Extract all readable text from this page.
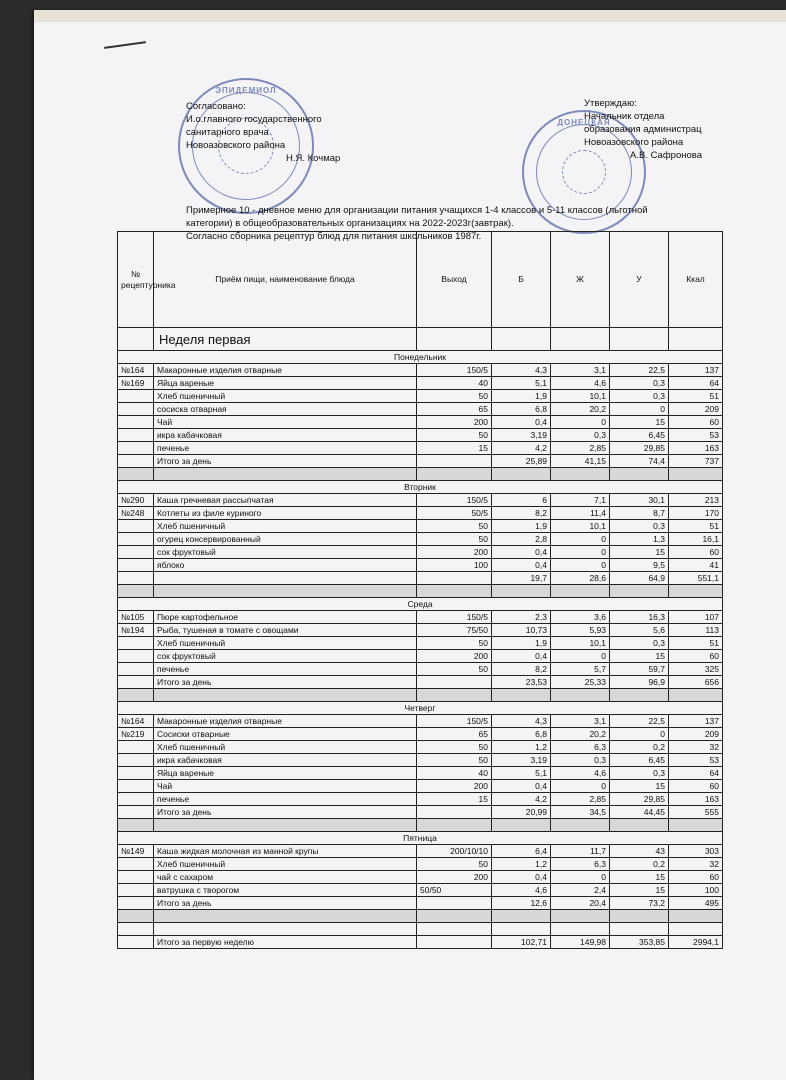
ЭПИДЕМИОЛ
ДОНЕЦКАЯ
Согласовано:
И.о.главного государственного
санитарного врача
Новоазовского района
Н.Я. Кочмар
Утверждаю:
Начальник отдела
образования администрац
Новоазовского района
А.В. Сафронова
Примерное 10 - дневное меню для организации питания учащихся 1-4 классов и 5-11 классов (льготной
категории) в общеобразовательных организациях на 2022-2023г(завтрак).
Согласно сборника рецептур блюд для питания школьников 1987г.
№ рецептурника	Приём пищи, наименование блюда	Выход	Б	Ж	У	Ккал
	Неделя первая					
Понедельник						
№164	Макаронные изделия отварные	150/5	4,3	3,1	22,5	137
№169	Яйца вареные	40	5,1	4,6	0,3	64
	Хлеб пшеничный	50	1,9	10,1	0,3	51
	сосиска отварная	65	6,8	20,2	0	209
	Чай	200	0,4	0	15	60
	икра кабачковая	50	3,19	0,3	6,45	53
	печенье	15	4,2	2,85	29,85	163
	Итого за день		25,89	41,15	74,4	737

Вторник						
№290	Каша гречневая рассыпчатая	150/5	6	7,1	30,1	213
№248	Котлеты из филе куриного	50/5	8,2	11,4	8,7	170
	Хлеб пшеничный	50	1,9	10,1	0,3	51
	огурец консервированный	50	2,8	0	1,3	16,1
	сок фруктовый	200	0,4	0	15	60
	яблоко	100	0,4	0	9,5	41
			19,7	28,6	64,9	551,1

Среда						
№105	Пюре картофельное	150/5	2,3	3,6	16,3	107
№194	Рыба, тушеная в томате с овощами	75/50	10,73	5,93	5,6	113
	Хлеб пшеничный	50	1,9	10,1	0,3	51
	сок фруктовый	200	0,4	0	15	60
	печенье	50	8,2	5,7	59,7	325
	Итого за день		23,53	25,33	96,9	656

Четверг						
№164	Макаронные изделия отварные	150/5	4,3	3,1	22,5	137
№219	Сосиски отварные	65	6,8	20,2	0	209
	Хлеб пшеничный	50	1,2	6,3	0,2	32
	икра кабачковая	50	3,19	0,3	6,45	53
	Яйца вареные	40	5,1	4,6	0,3	64
	Чай	200	0,4	0	15	60
	печенье	15	4,2	2,85	29,85	163
	Итого за день		20,99	34,5	44,45	555

Пятница						
№149	Каша жидкая молочная из манной крупы	200/10/10	6,4	11,7	43	303
	Хлеб пшеничный	50	1,2	6,3	0,2	32
	чай с сахаром	200	0,4	0	15	60
	ватрушка с творогом	50/50	4,6	2,4	15	100
	Итого за день		12,6	20,4	73,2	495

	Итого за первую неделю		102,71	149,98	353,85	2994,1
